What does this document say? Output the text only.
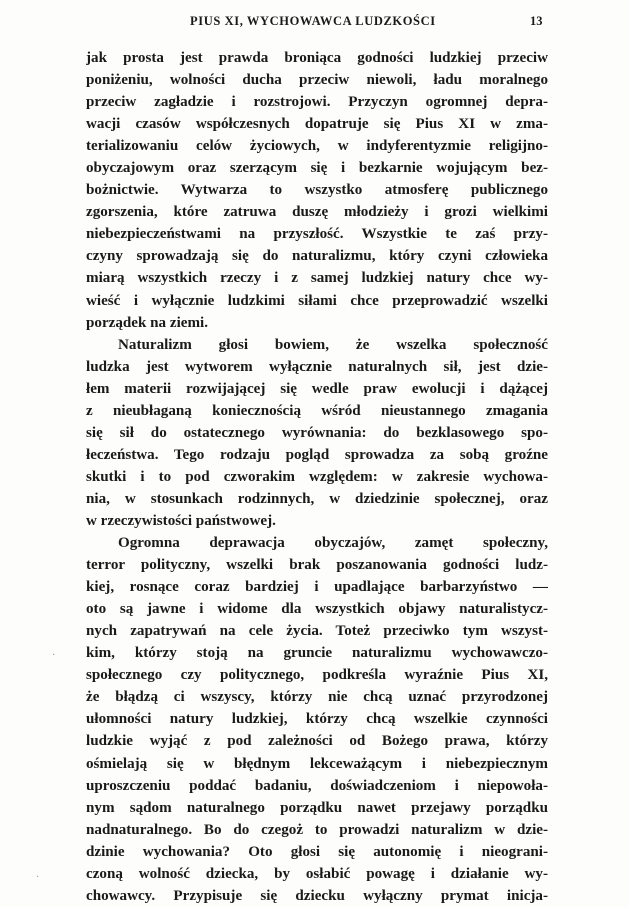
PIUS XI, WYCHOWAWCA LUDZKOŚCI	13
jak prosta jest prawda broniąca godności ludzkiej przeciw
poniżeniu, wolności ducha przeciw niewoli, ładu moralnego
przeciw zagładzie i rozstrojowi. Przyczyn ogromnej depra-
wacji czasów współczesnych dopatruje się Pius XI w zma-
terializowaniu celów życiowych, w indyferentyzmie religijno-
obyczajowym oraz szerzącym się i bezkarnie wojującym bez-
bożnictwie. Wytwarza to wszystko atmosferę publicznego
zgorszenia, które zatruwa duszę młodzieży i grozi wielkimi
niebezpieczeństwami na przyszłość. Wszystkie te zaś przy-
czyny sprowadzają się do naturalizmu, który czyni człowieka
miarą wszystkich rzeczy i z samej ludzkiej natury chce wy-
wieść i wyłącznie ludzkimi siłami chce przeprowadzić wszelki
porządek na ziemi.
Naturalizm głosi bowiem, że wszelka społeczność
ludzka jest wytworem wyłącznie naturalnych sił, jest dzie-
łem materii rozwijającej się wedle praw ewolucji i dążącej
z nieubłaganą koniecznością wśród nieustannego zmagania
się sił do ostatecznego wyrównania: do bezklasowego spo-
łeczeństwa. Tego rodzaju pogląd sprowadza za sobą groźne
skutki i to pod czworakim względem: w zakresie wychowa-
nia, w stosunkach rodzinnych, w dziedzinie społecznej, oraz
w rzeczywistości państwowej.
Ogromna deprawacja obyczajów, zamęt społeczny,
terror polityczny, wszelki brak poszanowania godności ludz-
kiej, rosnące coraz bardziej i upadlające barbarzyństwo —
oto są jawne i widome dla wszystkich objawy naturalistycz-
nych zapatrywań na cele życia. Toteż przeciwko tym wszyst-
kim, którzy stoją na gruncie naturalizmu wychowawczo-
społecznego czy politycznego, podkreśla wyraźnie Pius XI,
że błądzą ci wszyscy, którzy nie chcą uznać przyrodzonej
ułomności natury ludzkiej, którzy chcą wszelkie czynności
ludzkie wyjąć z pod zależności od Bożego prawa, którzy
ośmielają się w błędnym lekceważącym i niebezpiecznym
uproszczeniu poddać badaniu, doświadczeniom i niepowoła-
nym sądom naturalnego porządku nawet przejawy porządku
nadnaturalnego. Bo do czegoż to prowadzi naturalizm w dzie-
dzinie wychowania? Oto głosi się autonomię i nieograni-
czoną wolność dziecka, by osłabić powagę i działanie wy-
chowawcy. Przypisuje się dziecku wyłączny prymat inicja-
·
·
